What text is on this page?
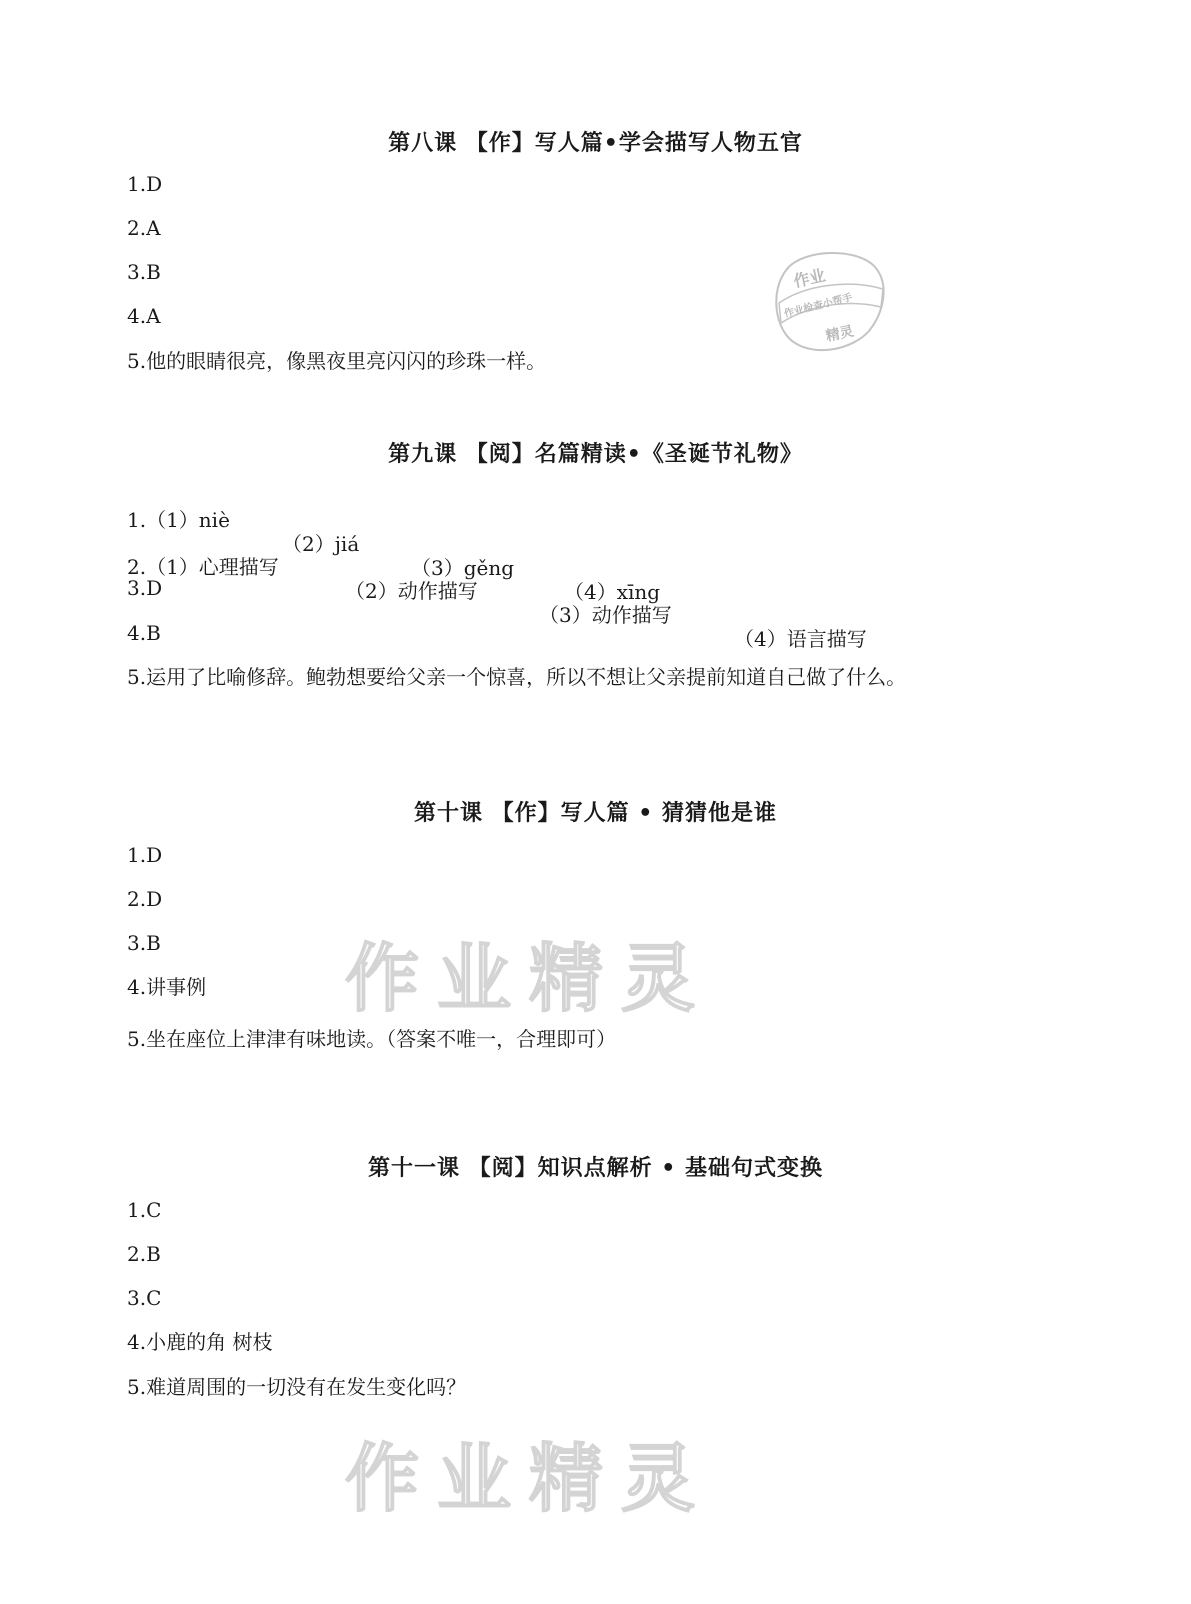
第八课 【作】写人篇•学会描写人物五官
1.D
2.A
3.B
4.A
5.他的眼睛很亮，像黑夜里亮闪闪的珍珠一样。
第九课 【阅】名篇精读•《圣诞节礼物》

1.（1）niè

（2）jiá

（3）gěng

（4）xīng

2.（1）心理描写

（2）动作描写

（3）动作描写

（4）语言描写

3.D
4.B
5.运用了比喻修辞。鲍勃想要给父亲一个惊喜，所以不想让父亲提前知道自己做了什么。
第十课 【作】写人篇 • 猜猜他是谁
1.D
2.D
3.B
4.讲事例
5.坐在座位上津津有味地读。（答案不唯一，合理即可）
第十一课 【阅】知识点解析 • 基础句式变换
1.C
2.B
3.C
4.小鹿的角 树枝
5.难道周围的一切没有在发生变化吗？
作业精灵
作业精灵
作业
作业检查小帮手
精灵
